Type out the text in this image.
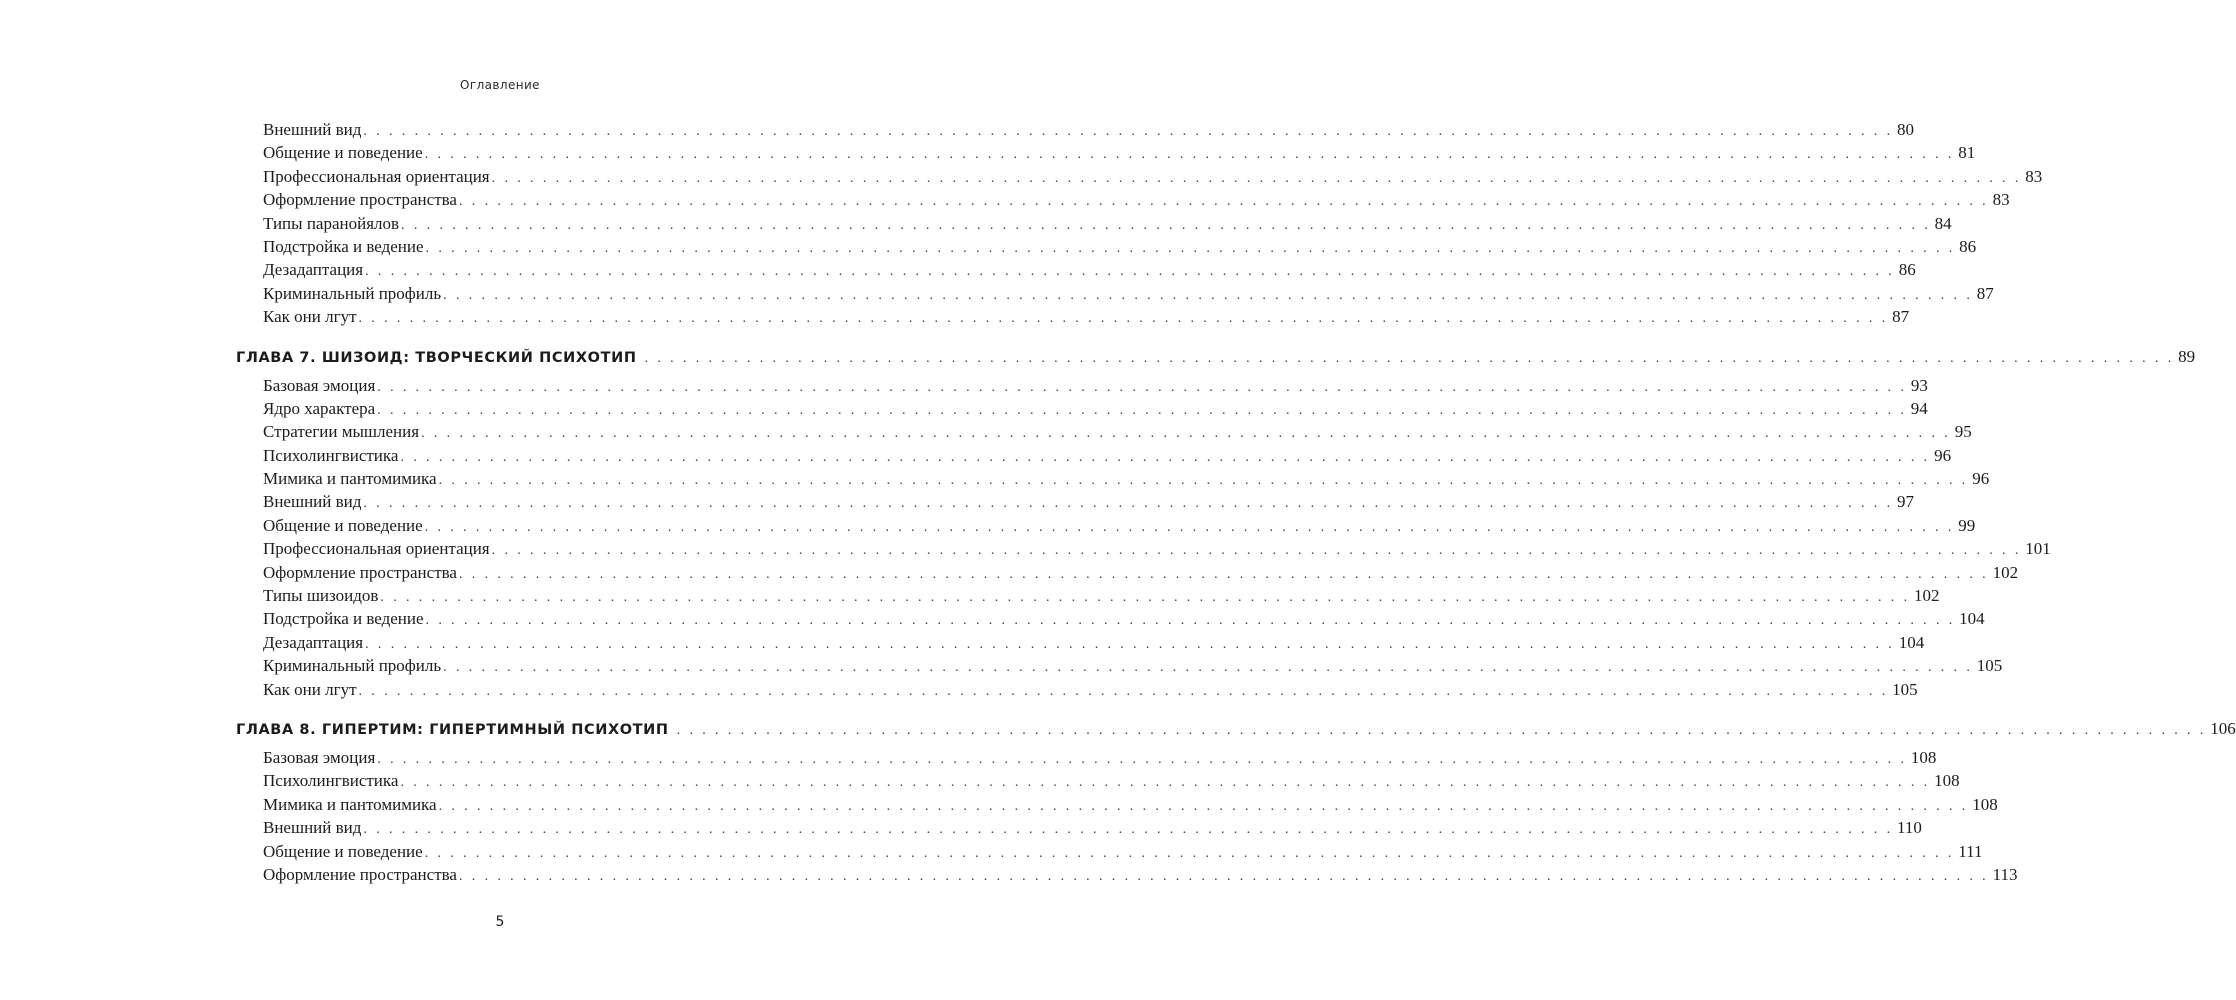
Оглавление
Внешний вид . . . . . . . . . . . . . . . . . . . . . . . . . . . . . . . . . . . . . . . . . . . . . . . . . . . . . . . . . . . . . . . . . . . . . . . . . . . . . . . . . . . . . . . . . . . . . . . . . . . . . . . . . . . . . . . . . . . . . . . . 80
Общение и поведение . . . . . . . . . . . . . . . . . . . . . . . . . . . . . . . . . . . . . . . . . . . . . . . . . . . . . . . . . . . . . . . . . . . . . . . . . . . . . . . . . . . . . . . . . . . . . . . . . . . . . . . . . . . . . . . . . . . . . . . . 81
Профессиональная ориентация . . . . . . . . . . . . . . . . . . . . . . . . . . . . . . . . . . . . . . . . . . . . . . . . . . . . . . . . . . . . . . . . . . . . . . . . . . . . . . . . . . . . . . . . . . . . . . . . . . . . . . . . . . . . . . . . . . . . . . . . 83
Оформление пространства . . . . . . . . . . . . . . . . . . . . . . . . . . . . . . . . . . . . . . . . . . . . . . . . . . . . . . . . . . . . . . . . . . . . . . . . . . . . . . . . . . . . . . . . . . . . . . . . . . . . . . . . . . . . . . . . . . . . . . . . 83
Типы паранойялов . . . . . . . . . . . . . . . . . . . . . . . . . . . . . . . . . . . . . . . . . . . . . . . . . . . . . . . . . . . . . . . . . . . . . . . . . . . . . . . . . . . . . . . . . . . . . . . . . . . . . . . . . . . . . . . . . . . . . . . . 84
Подстройка и ведение . . . . . . . . . . . . . . . . . . . . . . . . . . . . . . . . . . . . . . . . . . . . . . . . . . . . . . . . . . . . . . . . . . . . . . . . . . . . . . . . . . . . . . . . . . . . . . . . . . . . . . . . . . . . . . . . . . . . . . . . 86
Дезадаптация . . . . . . . . . . . . . . . . . . . . . . . . . . . . . . . . . . . . . . . . . . . . . . . . . . . . . . . . . . . . . . . . . . . . . . . . . . . . . . . . . . . . . . . . . . . . . . . . . . . . . . . . . . . . . . . . . . . . . . . . 86
Криминальный профиль . . . . . . . . . . . . . . . . . . . . . . . . . . . . . . . . . . . . . . . . . . . . . . . . . . . . . . . . . . . . . . . . . . . . . . . . . . . . . . . . . . . . . . . . . . . . . . . . . . . . . . . . . . . . . . . . . . . . . . . . 87
Как они лгут . . . . . . . . . . . . . . . . . . . . . . . . . . . . . . . . . . . . . . . . . . . . . . . . . . . . . . . . . . . . . . . . . . . . . . . . . . . . . . . . . . . . . . . . . . . . . . . . . . . . . . . . . . . . . . . . . . . . . . . . 87
ГЛАВА 7. ШИЗОИД: ТВОРЧЕСКИЙ ПСИХОТИП . . . . . . . . . . . . . . . . . . . . . . . . . . . . . . . . . . . . . . . . . . . . . . . . . . . . . . . . . . . . . . . . . . . . . . . . . . . . . . . . . . . . . . . . . . . . . . . . . . . . . . . . . . . . . . . . . . . . . . . . 89
Базовая эмоция . . . . . . . . . . . . . . . . . . . . . . . . . . . . . . . . . . . . . . . . . . . . . . . . . . . . . . . . . . . . . . . . . . . . . . . . . . . . . . . . . . . . . . . . . . . . . . . . . . . . . . . . . . . . . . . . . . . . . . . . 93
Ядро характера . . . . . . . . . . . . . . . . . . . . . . . . . . . . . . . . . . . . . . . . . . . . . . . . . . . . . . . . . . . . . . . . . . . . . . . . . . . . . . . . . . . . . . . . . . . . . . . . . . . . . . . . . . . . . . . . . . . . . . . . 94
Стратегии мышления . . . . . . . . . . . . . . . . . . . . . . . . . . . . . . . . . . . . . . . . . . . . . . . . . . . . . . . . . . . . . . . . . . . . . . . . . . . . . . . . . . . . . . . . . . . . . . . . . . . . . . . . . . . . . . . . . . . . . . . . 95
Психолингвистика . . . . . . . . . . . . . . . . . . . . . . . . . . . . . . . . . . . . . . . . . . . . . . . . . . . . . . . . . . . . . . . . . . . . . . . . . . . . . . . . . . . . . . . . . . . . . . . . . . . . . . . . . . . . . . . . . . . . . . . . 96
Мимика и пантомимика . . . . . . . . . . . . . . . . . . . . . . . . . . . . . . . . . . . . . . . . . . . . . . . . . . . . . . . . . . . . . . . . . . . . . . . . . . . . . . . . . . . . . . . . . . . . . . . . . . . . . . . . . . . . . . . . . . . . . . . . 96
Внешний вид . . . . . . . . . . . . . . . . . . . . . . . . . . . . . . . . . . . . . . . . . . . . . . . . . . . . . . . . . . . . . . . . . . . . . . . . . . . . . . . . . . . . . . . . . . . . . . . . . . . . . . . . . . . . . . . . . . . . . . . . 97
Общение и поведение . . . . . . . . . . . . . . . . . . . . . . . . . . . . . . . . . . . . . . . . . . . . . . . . . . . . . . . . . . . . . . . . . . . . . . . . . . . . . . . . . . . . . . . . . . . . . . . . . . . . . . . . . . . . . . . . . . . . . . . . 99
Профессиональная ориентация . . . . . . . . . . . . . . . . . . . . . . . . . . . . . . . . . . . . . . . . . . . . . . . . . . . . . . . . . . . . . . . . . . . . . . . . . . . . . . . . . . . . . . . . . . . . . . . . . . . . . . . . . . . . . . . . . . . . . . . . 101
Оформление пространства . . . . . . . . . . . . . . . . . . . . . . . . . . . . . . . . . . . . . . . . . . . . . . . . . . . . . . . . . . . . . . . . . . . . . . . . . . . . . . . . . . . . . . . . . . . . . . . . . . . . . . . . . . . . . . . . . . . . . . . . 102
Типы шизоидов . . . . . . . . . . . . . . . . . . . . . . . . . . . . . . . . . . . . . . . . . . . . . . . . . . . . . . . . . . . . . . . . . . . . . . . . . . . . . . . . . . . . . . . . . . . . . . . . . . . . . . . . . . . . . . . . . . . . . . . . 102
Подстройка и ведение . . . . . . . . . . . . . . . . . . . . . . . . . . . . . . . . . . . . . . . . . . . . . . . . . . . . . . . . . . . . . . . . . . . . . . . . . . . . . . . . . . . . . . . . . . . . . . . . . . . . . . . . . . . . . . . . . . . . . . . . 104
Дезадаптация . . . . . . . . . . . . . . . . . . . . . . . . . . . . . . . . . . . . . . . . . . . . . . . . . . . . . . . . . . . . . . . . . . . . . . . . . . . . . . . . . . . . . . . . . . . . . . . . . . . . . . . . . . . . . . . . . . . . . . . . 104
Криминальный профиль . . . . . . . . . . . . . . . . . . . . . . . . . . . . . . . . . . . . . . . . . . . . . . . . . . . . . . . . . . . . . . . . . . . . . . . . . . . . . . . . . . . . . . . . . . . . . . . . . . . . . . . . . . . . . . . . . . . . . . . . 105
Как они лгут . . . . . . . . . . . . . . . . . . . . . . . . . . . . . . . . . . . . . . . . . . . . . . . . . . . . . . . . . . . . . . . . . . . . . . . . . . . . . . . . . . . . . . . . . . . . . . . . . . . . . . . . . . . . . . . . . . . . . . . . 105
ГЛАВА 8. ГИПЕРТИМ: ГИПЕРТИМНЫЙ ПСИХОТИП . . . . . . . . . . . . . . . . . . . . . . . . . . . . . . . . . . . . . . . . . . . . . . . . . . . . . . . . . . . . . . . . . . . . . . . . . . . . . . . . . . . . . . . . . . . . . . . . . . . . . . . . . . . . . . . . . . . . . . . . 106
Базовая эмоция . . . . . . . . . . . . . . . . . . . . . . . . . . . . . . . . . . . . . . . . . . . . . . . . . . . . . . . . . . . . . . . . . . . . . . . . . . . . . . . . . . . . . . . . . . . . . . . . . . . . . . . . . . . . . . . . . . . . . . . . 108
Психолингвистика . . . . . . . . . . . . . . . . . . . . . . . . . . . . . . . . . . . . . . . . . . . . . . . . . . . . . . . . . . . . . . . . . . . . . . . . . . . . . . . . . . . . . . . . . . . . . . . . . . . . . . . . . . . . . . . . . . . . . . . . 108
Мимика и пантомимика . . . . . . . . . . . . . . . . . . . . . . . . . . . . . . . . . . . . . . . . . . . . . . . . . . . . . . . . . . . . . . . . . . . . . . . . . . . . . . . . . . . . . . . . . . . . . . . . . . . . . . . . . . . . . . . . . . . . . . . . 108
Внешний вид . . . . . . . . . . . . . . . . . . . . . . . . . . . . . . . . . . . . . . . . . . . . . . . . . . . . . . . . . . . . . . . . . . . . . . . . . . . . . . . . . . . . . . . . . . . . . . . . . . . . . . . . . . . . . . . . . . . . . . . . 110
Общение и поведение . . . . . . . . . . . . . . . . . . . . . . . . . . . . . . . . . . . . . . . . . . . . . . . . . . . . . . . . . . . . . . . . . . . . . . . . . . . . . . . . . . . . . . . . . . . . . . . . . . . . . . . . . . . . . . . . . . . . . . . . 111
Оформление пространства . . . . . . . . . . . . . . . . . . . . . . . . . . . . . . . . . . . . . . . . . . . . . . . . . . . . . . . . . . . . . . . . . . . . . . . . . . . . . . . . . . . . . . . . . . . . . . . . . . . . . . . . . . . . . . . . . . . . . . . . 113
5
